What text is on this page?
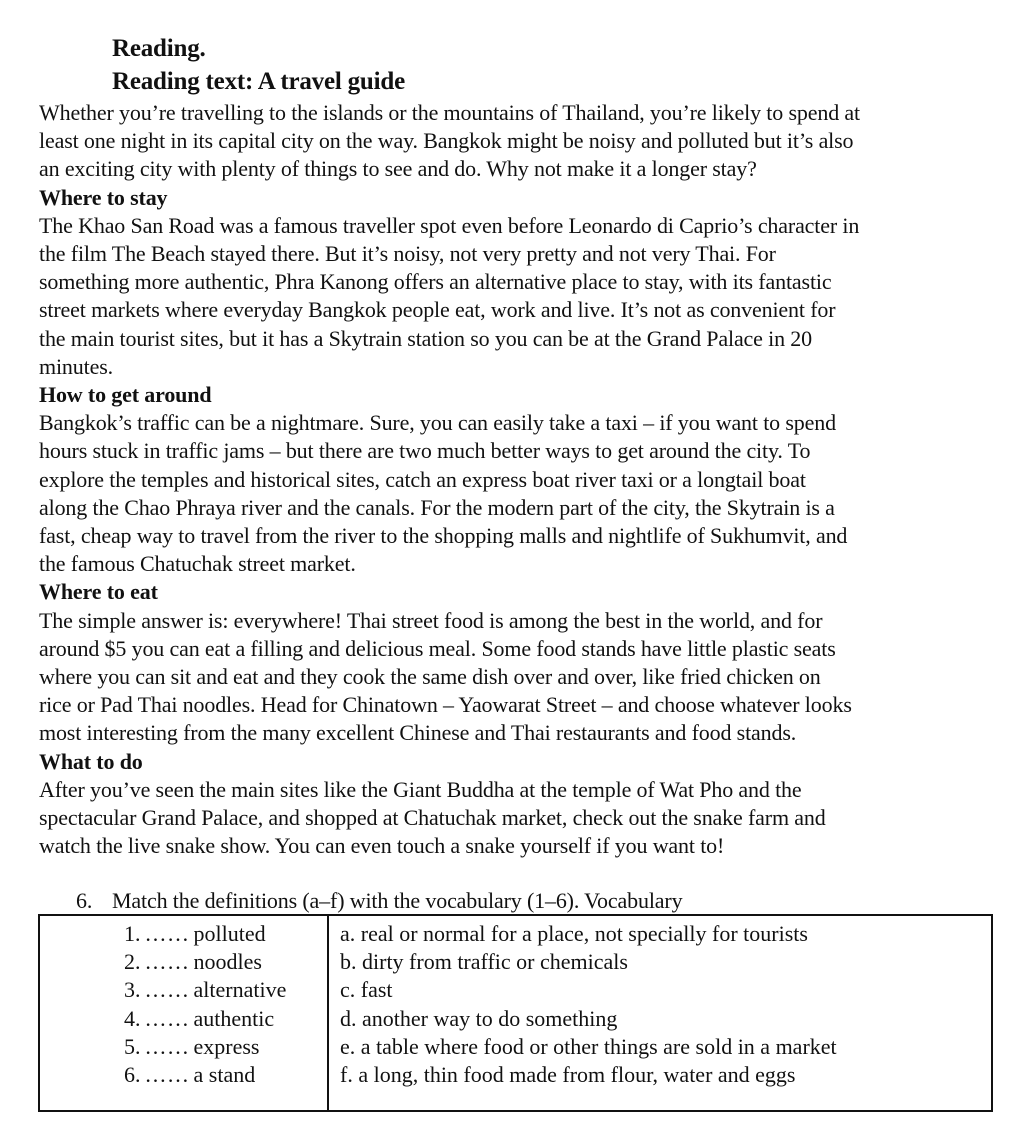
Reading.
Reading text: A travel guide
Whether you’re travelling to the islands or the mountains of Thailand, you’re likely to spend at
least one night in its capital city on the way. Bangkok might be noisy and polluted but it’s also
an exciting city with plenty of things to see and do. Why not make it a longer stay?
Where to stay
The Khao San Road was a famous traveller spot even before Leonardo di Caprio’s character in
the film The Beach stayed there. But it’s noisy, not very pretty and not very Thai. For
something more authentic, Phra Kanong offers an alternative place to stay, with its fantastic
street markets where everyday Bangkok people eat, work and live. It’s not as convenient for
the main tourist sites, but it has a Skytrain station so you can be at the Grand Palace in 20
minutes.
How to get around
Bangkok’s traffic can be a nightmare. Sure, you can easily take a taxi – if you want to spend
hours stuck in traffic jams – but there are two much better ways to get around the city. To
explore the temples and historical sites, catch an express boat river taxi or a longtail boat
along the Chao Phraya river and the canals. For the modern part of the city, the Skytrain is a
fast, cheap way to travel from the river to the shopping malls and nightlife of Sukhumvit, and
the famous Chatuchak street market.
Where to eat
The simple answer is: everywhere! Thai street food is among the best in the world, and for
around $5 you can eat a filling and delicious meal. Some food stands have little plastic seats
where you can sit and eat and they cook the same dish over and over, like fried chicken on
rice or Pad Thai noodles. Head for Chinatown – Yaowarat Street – and choose whatever looks
most interesting from the many excellent Chinese and Thai restaurants and food stands.
What to do
After you’ve seen the main sites like the Giant Buddha at the temple of Wat Pho and the
spectacular Grand Palace, and shopped at Chatuchak market, check out the snake farm and
watch the live snake show. You can even touch a snake yourself if you want to!
6. Match the definitions (a–f) with the vocabulary (1–6). Vocabulary
1. …… polluted
2. …… noodles
3. …… alternative
4. …… authentic
5. …… express
6. …… a stand
a. real or normal for a place, not specially for tourists
b. dirty from traffic or chemicals
c. fast
d. another way to do something
e. a table where food or other things are sold in a market
f. a long, thin food made from flour, water and eggs
